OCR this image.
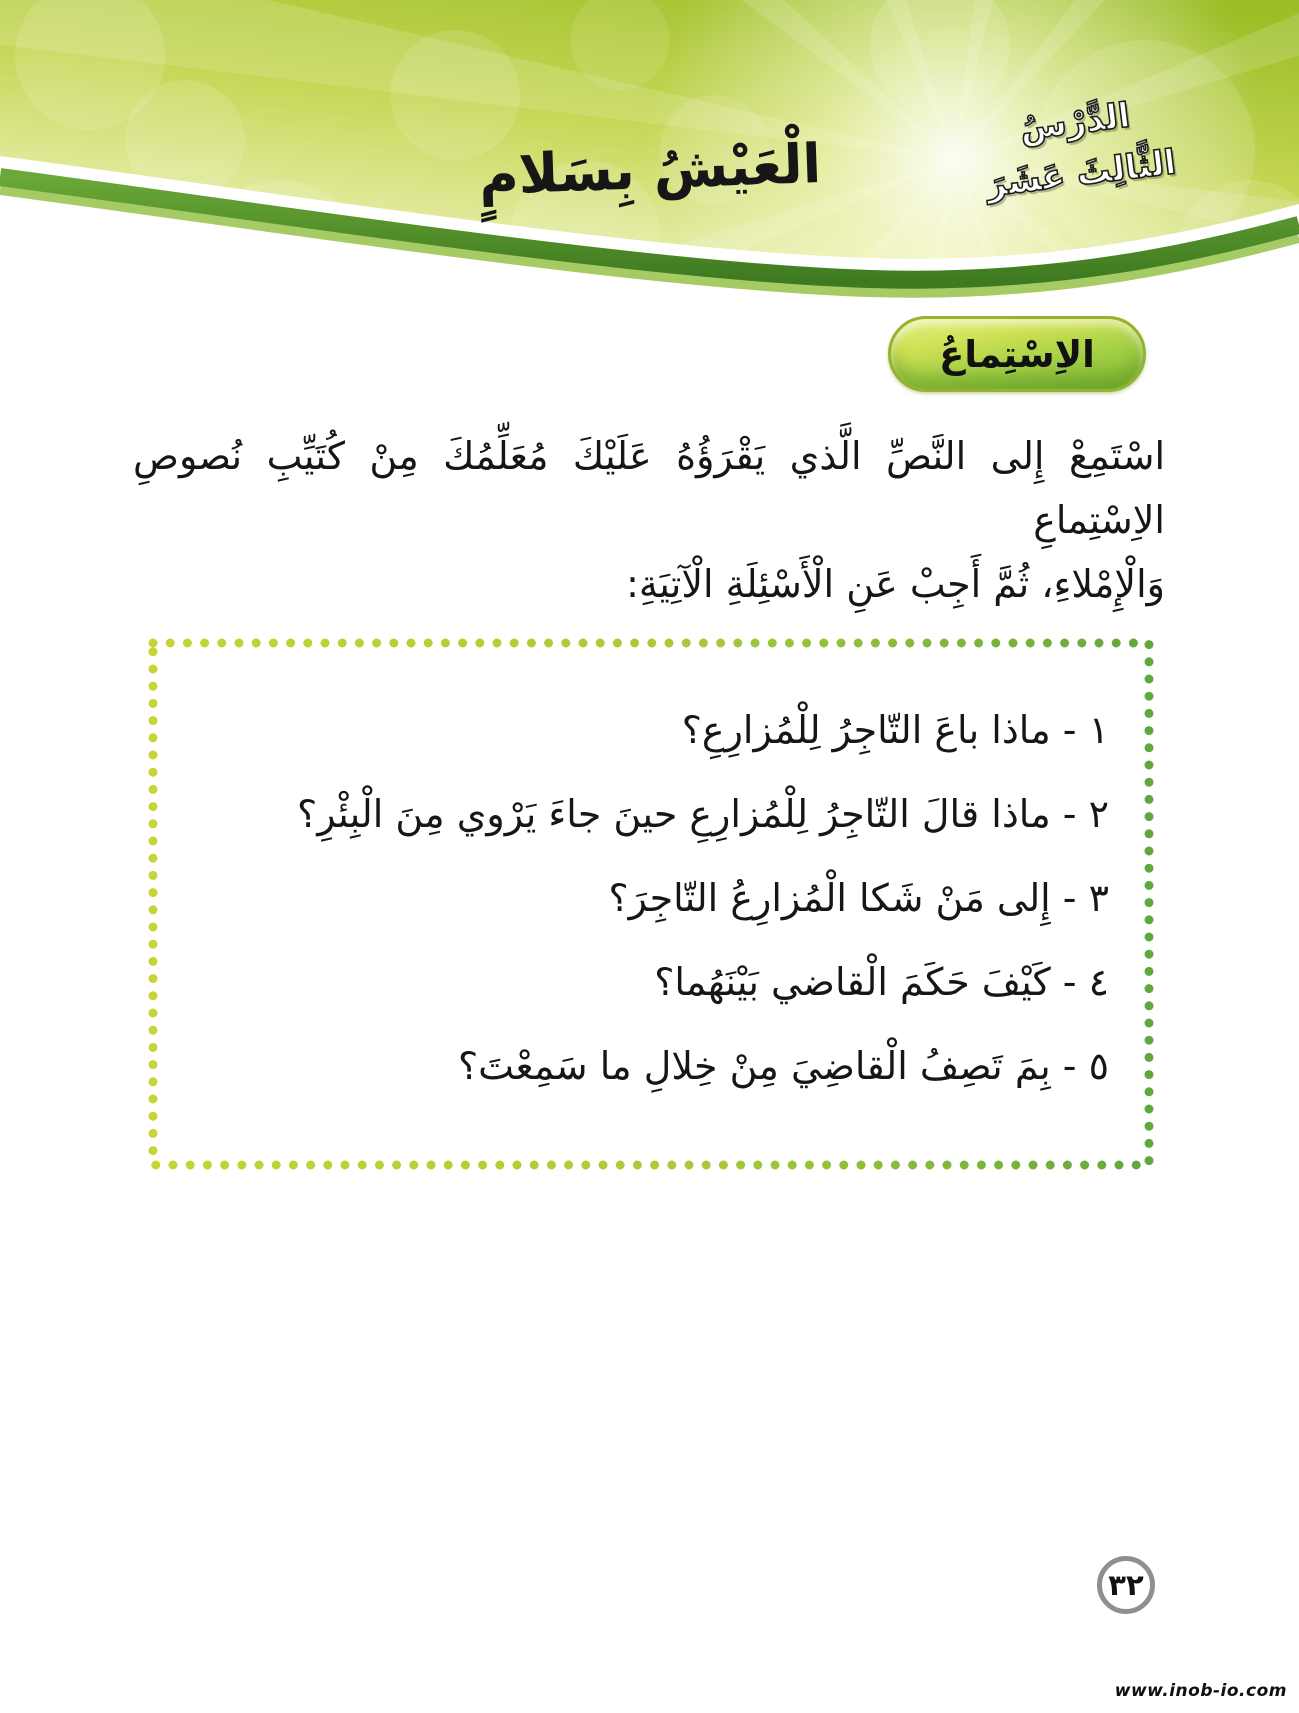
الدَّرْسُ
الثَّالِثَ عَشَرَ
الْعَيْشُ بِسَلامٍ
الاِسْتِماعُ
اسْتَمِعْ إِلى النَّصِّ الَّذي يَقْرَؤُهُ عَلَيْكَ مُعَلِّمُكَ مِنْ كُتَيِّبِ نُصوصِ الاِسْتِماعِ
وَالْإِمْلاءِ، ثُمَّ أَجِبْ عَنِ الْأَسْئِلَةِ الْآتِيَةِ:
١ - ماذا باعَ التّاجِرُ لِلْمُزارِعِ؟
٢ - ماذا قالَ التّاجِرُ لِلْمُزارِعِ حينَ جاءَ يَرْوي مِنَ الْبِئْرِ؟
٣ - إِلى مَنْ شَكا الْمُزارِعُ التّاجِرَ؟
٤ - كَيْفَ حَكَمَ الْقاضي بَيْنَهُما؟
٥ - بِمَ تَصِفُ الْقاضِيَ مِنْ خِلالِ ما سَمِعْتَ؟
٣٢
www.inob-io.com
